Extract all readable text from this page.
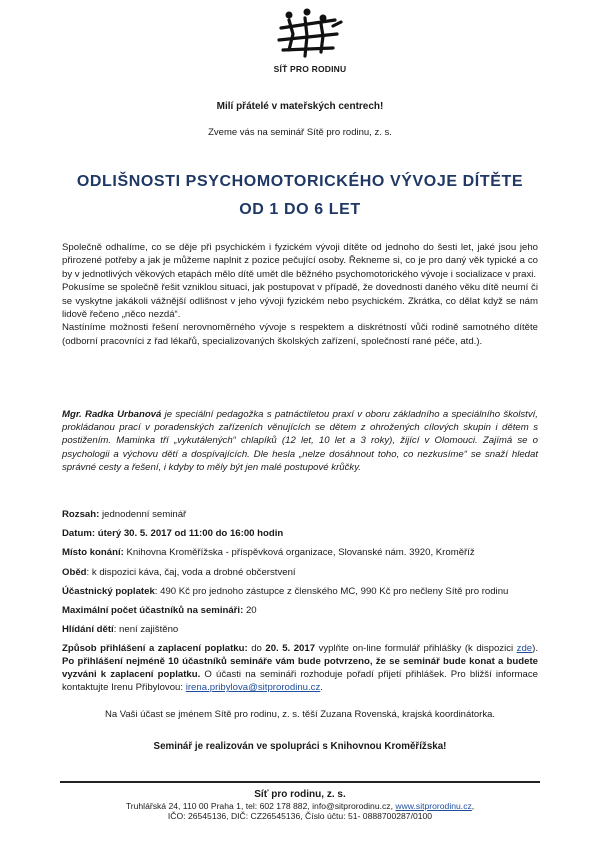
SÍŤ PRO RODINU
Milí přátelé v mateřských centrech!
Zveme vás na seminář Sítě pro rodinu, z. s.
ODLIŠNOSTI PSYCHOMOTORICKÉHO VÝVOJE DÍTĚTE
OD 1 DO 6 LET

Společně odhalíme, co se děje při psychickém i fyzickém vývoji dítěte od jednoho do šesti let, jaké jsou jeho přirozené potřeby a jak je můžeme naplnit z pozice pečující osoby. Řekneme si, co je pro daný věk typické a co by v jednotlivých věkových etapách mělo dítě umět dle běžného psychomotorického vývoje i socializace v praxi.

Pokusíme se společně řešit vzniklou situaci, jak postupovat v případě, že dovednosti daného věku dítě neumí či se vyskytne jakákoli vážnější odlišnost v jeho vývoji fyzickém nebo psychickém. Zkrátka, co dělat když se nám lidově řečeno „něco nezdá“.

Nastíníme možnosti řešení nerovnoměrného vývoje s respektem a diskrétností vůči rodině samotného dítěte (odborní pracovníci z řad lékařů, specializovaných školských zařízení, společností rané péče, atd.).

Mgr. Radka Urbanová je speciální pedagožka s patnáctiletou praxí v oboru základního a speciálního školství, prokládanou prací v poradenských zařízeních věnujících se dětem z ohrožených cílových skupin i dětem s postižením. Maminka tří „vykutálených“ chlapíků (12 let, 10 let a 3 roky), žijící v Olomouci. Zajímá se o psychologii a výchovu dětí a dospívajících. Dle hesla „nelze dosáhnout toho, co nezkusíme“ se snaží hledat správné cesty a řešení, i kdyby to měly být jen malé postupové krůčky.
Rozsah: jednodenní seminář
Datum: úterý 30. 5. 2017 od 11:00 do 16:00 hodin
Místo konání: Knihovna Kroměřížska - příspěvková organizace, Slovanské nám. 3920, Kroměříž
Oběd: k dispozici káva, čaj, voda a drobné občerstvení
Účastnický poplatek: 490 Kč pro jednoho zástupce z členského MC, 990 Kč pro nečleny Sítě pro rodinu
Maximální počet účastníků na semináři: 20
Hlídání dětí: není zajištěno
Způsob přihlášení a zaplacení poplatku: do 20. 5. 2017 vyplňte on-line formulář přihlášky (k dispozici zde). Po přihlášení nejméně 10 účastníků semináře vám bude potvrzeno, že se seminář bude konat a budete vyzváni k zaplacení poplatku. O účasti na semináři rozhoduje pořadí přijetí přihlášek. Pro bližší informace kontaktujte Irenu Přibylovou: irena.pribylova@sitprorodinu.cz.
Na Vaši účast se jménem Sítě pro rodinu, z. s. těší Zuzana Rovenská, krajská koordinátorka.
Seminář je realizován ve spolupráci s Knihovnou Kroměřížska!
Síť pro rodinu, z. s.
Truhlářská 24, 110 00 Praha 1, tel: 602 178 882, info@sitprorodinu.cz, www.sitprorodinu.cz,
IČO: 26545136, DIČ: CZ26545136, Číslo účtu: 51- 0888700287/0100
